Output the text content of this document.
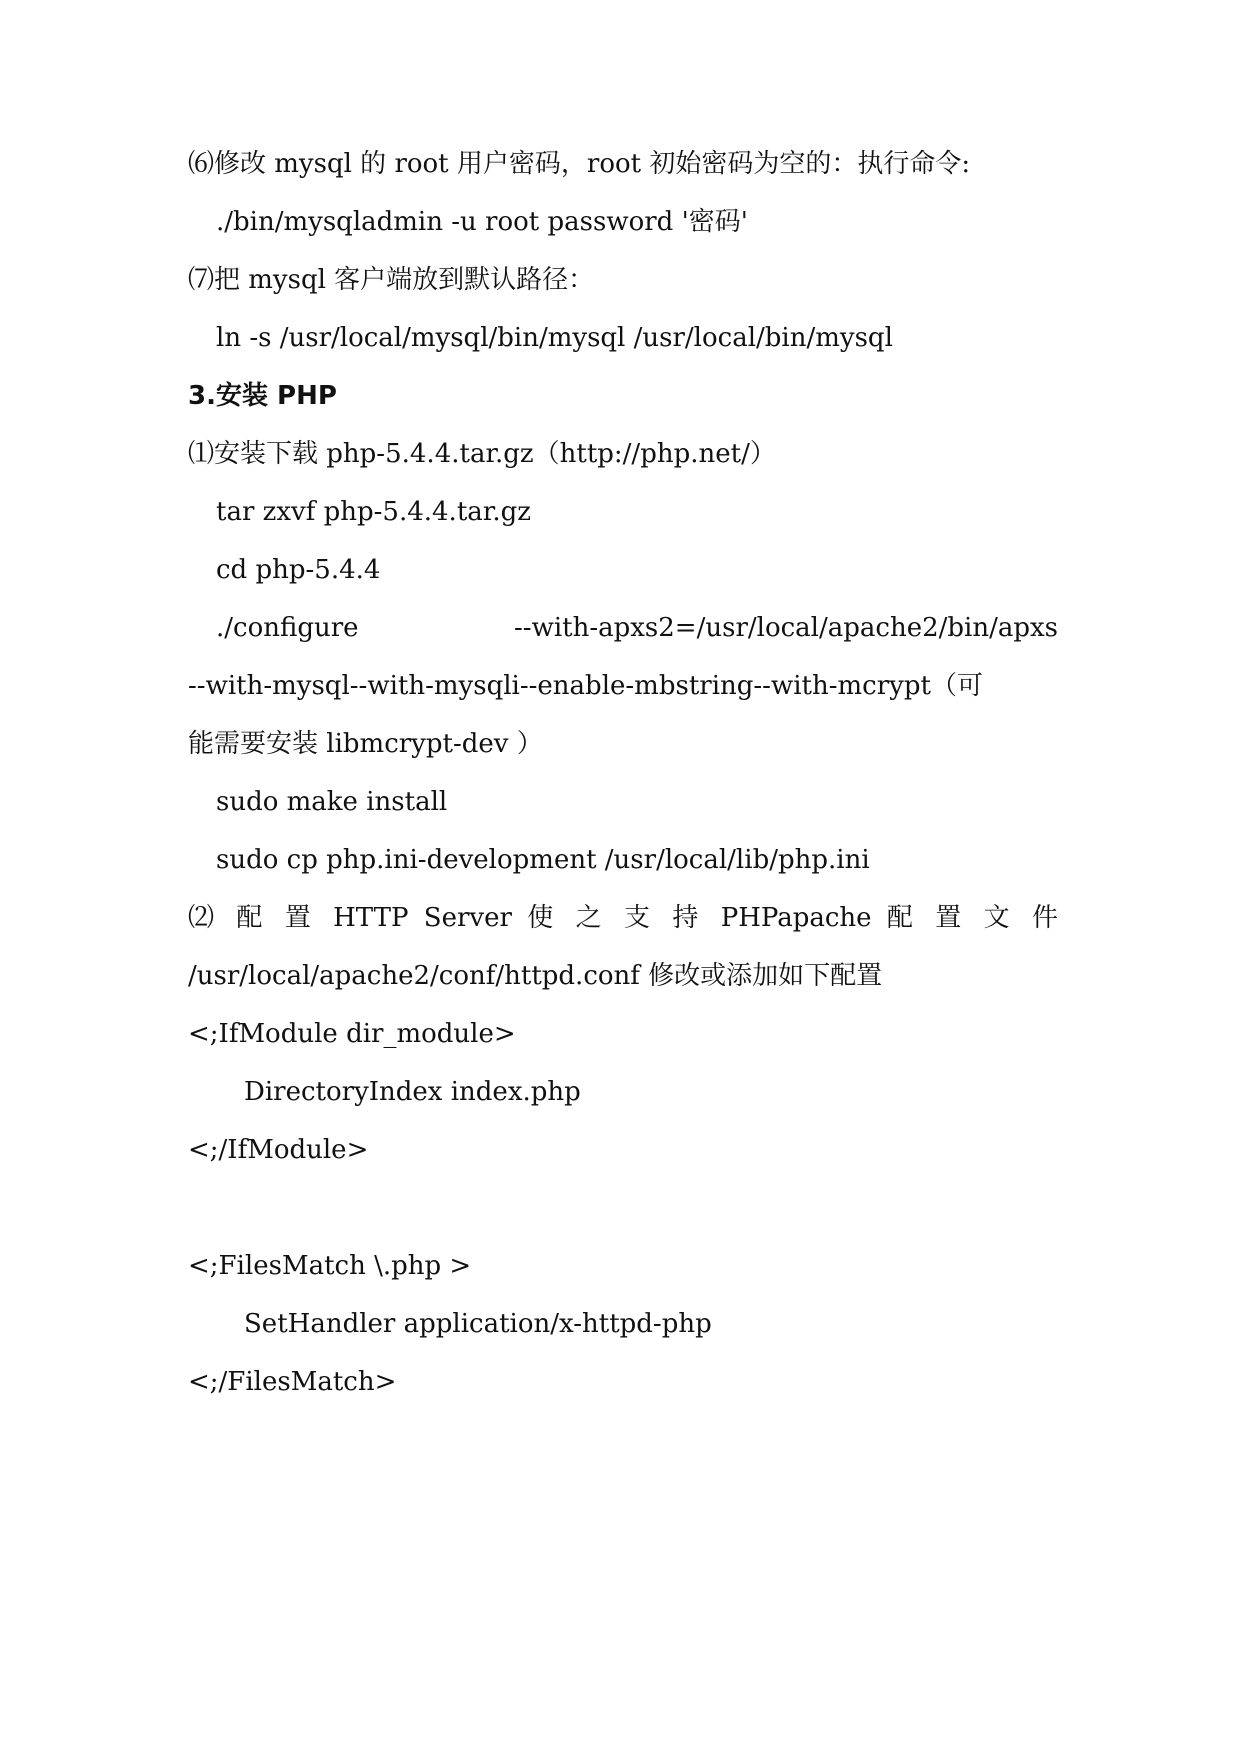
⑹修改 mysql 的 root 用户密码，root 初始密码为空的：执行命令:
./bin/mysqladmin -u root password '密码'
⑺把 mysql 客户端放到默认路径：
ln -s /usr/local/mysql/bin/mysql /usr/local/bin/mysql
3.安装 PHP
⑴安装下载 php-5.4.4.tar.gz（http://php.net/）
tar zxvf php-5.4.4.tar.gz
cd php-5.4.4
./configure --with-apxs2=/usr/local/apache2/bin/apxs
--with-mysql--with-mysqli--enable-mbstring--with-mcrypt（可
能需要安装 libmcrypt-dev ）
sudo make install
sudo cp php.ini-development /usr/local/lib/php.ini
⑵ 配 置 HTTP Server 使 之 支 持 PHPapache 配 置 文 件
/usr/local/apache2/conf/httpd.conf 修改或添加如下配置
<;IfModule dir_module>
DirectoryIndex index.php
<;/IfModule>
<;FilesMatch \.php >
SetHandler application/x-httpd-php
<;/FilesMatch>
